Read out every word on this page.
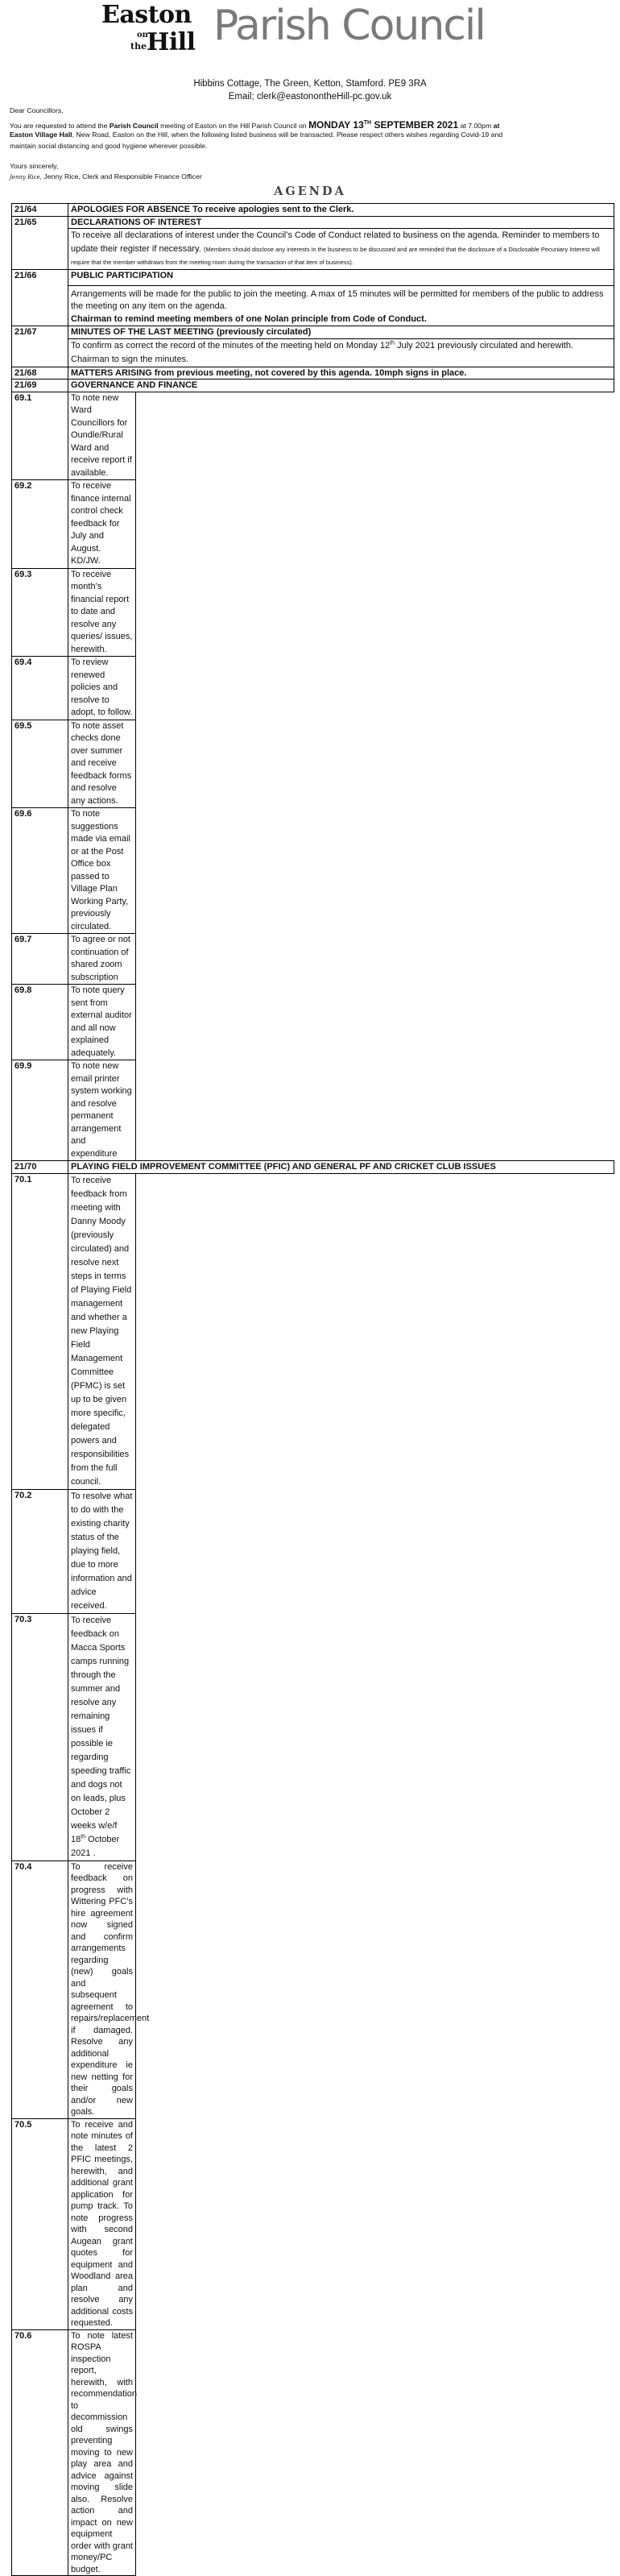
Easton
on
the Hill Parish Council
Hibbins Cottage, The Green, Ketton, Stamford. PE9 3RA
Email; clerk@eastonontheHill-pc.gov.uk
Dear Councillors,
You are requested to attend the Parish Council meeting of Easton on the Hill Parish Council on MONDAY 13TH SEPTEMBER 2021 at 7.00pm at
Easton Village Hall, New Road, Easton on the Hill, when the following listed business will be transacted. Please respect others wishes regarding Covid-19 and
maintain social distancing and good hygiene wherever possible.
Yours sincerely,
Jenny Rice, Jenny Rice, Clerk and Responsible Finance Officer
AGENDA
21/64	APOLOGIES FOR ABSENCE To receive apologies sent to the Clerk.
21/65	DECLARATIONS OF INTEREST
	To receive all declarations of interest under the Council’s Code of Conduct related to business on the agenda. Reminder to members to update their register if necessary. (Members should disclose any interests in the business to be discussed and are reminded that the disclosure of a Disclosable Pecuniary Interest will require that the member withdraws from the meeting room during the transaction of that item of business).
21/66	PUBLIC PARTICIPATION
	Arrangements will be made for the public to join the meeting. A max of 15 minutes will be permitted for members of the public to address the meeting on any item on the agenda.
Chairman to remind meeting members of one Nolan principle from Code of Conduct.
21/67	MINUTES OF THE LAST MEETING (previously circulated)
	To confirm as correct the record of the minutes of the meeting held on Monday 12th July 2021 previously circulated and herewith. Chairman to sign the minutes.
21/68	MATTERS ARISING from previous meeting, not covered by this agenda. 10mph signs in place.
21/69	GOVERNANCE AND FINANCE
69.1	To note new Ward Councillors for Oundle/Rural Ward and receive report if available.
69.2	To receive finance internal control check feedback for July and August. KD/JW.
69.3	To receive month’s financial report to date and resolve any queries/ issues, herewith.
69.4	To review renewed policies and resolve to adopt, to follow.
69.5	To note asset checks done over summer and receive feedback forms and resolve any actions.
69.6	To note suggestions made via email or at the Post Office box passed to Village Plan Working Party, previously circulated.
69.7	To agree or not continuation of shared zoom subscription
69.8	To note query sent from external auditor and all now explained adequately.
69.9	To note new email printer system working and resolve permanent arrangement and expenditure
21/70	PLAYING FIELD IMPROVEMENT COMMITTEE (PFIC) AND GENERAL PF AND CRICKET CLUB ISSUES
70.1	To receive feedback from meeting with Danny Moody (previously circulated) and resolve next steps in terms of Playing Field management and whether a new Playing Field Management Committee (PFMC) is set up to be given more specific, delegated powers and responsibilities from the full council.
70.2	To resolve what to do with the existing charity status of the playing field, due to more information and advice received.
70.3	To receive feedback on Macca Sports camps running through the summer and resolve any remaining issues if possible ie regarding speeding traffic and dogs not on leads, plus October 2 weeks w/e/f 18th October 2021 .
70.4	To receive feedback on progress with Wittering PFC’s hire agreement now signed and confirm arrangements regarding (new) goals and subsequent agreement to repairs/replacement if damaged. Resolve any additional expenditure ie new netting for their goals and/or new goals.
70.5	To receive and note minutes of the latest 2 PFIC meetings, herewith, and additional grant application for pump track. To note progress with second Augean grant quotes for equipment and Woodland area plan and resolve any additional costs requested.
70.6	To note latest ROSPA inspection report, herewith, with recommendation to decommission old swings preventing moving to new play area and advice against moving slide also. Resolve action and impact on new equipment order with grant money/PC budget.
